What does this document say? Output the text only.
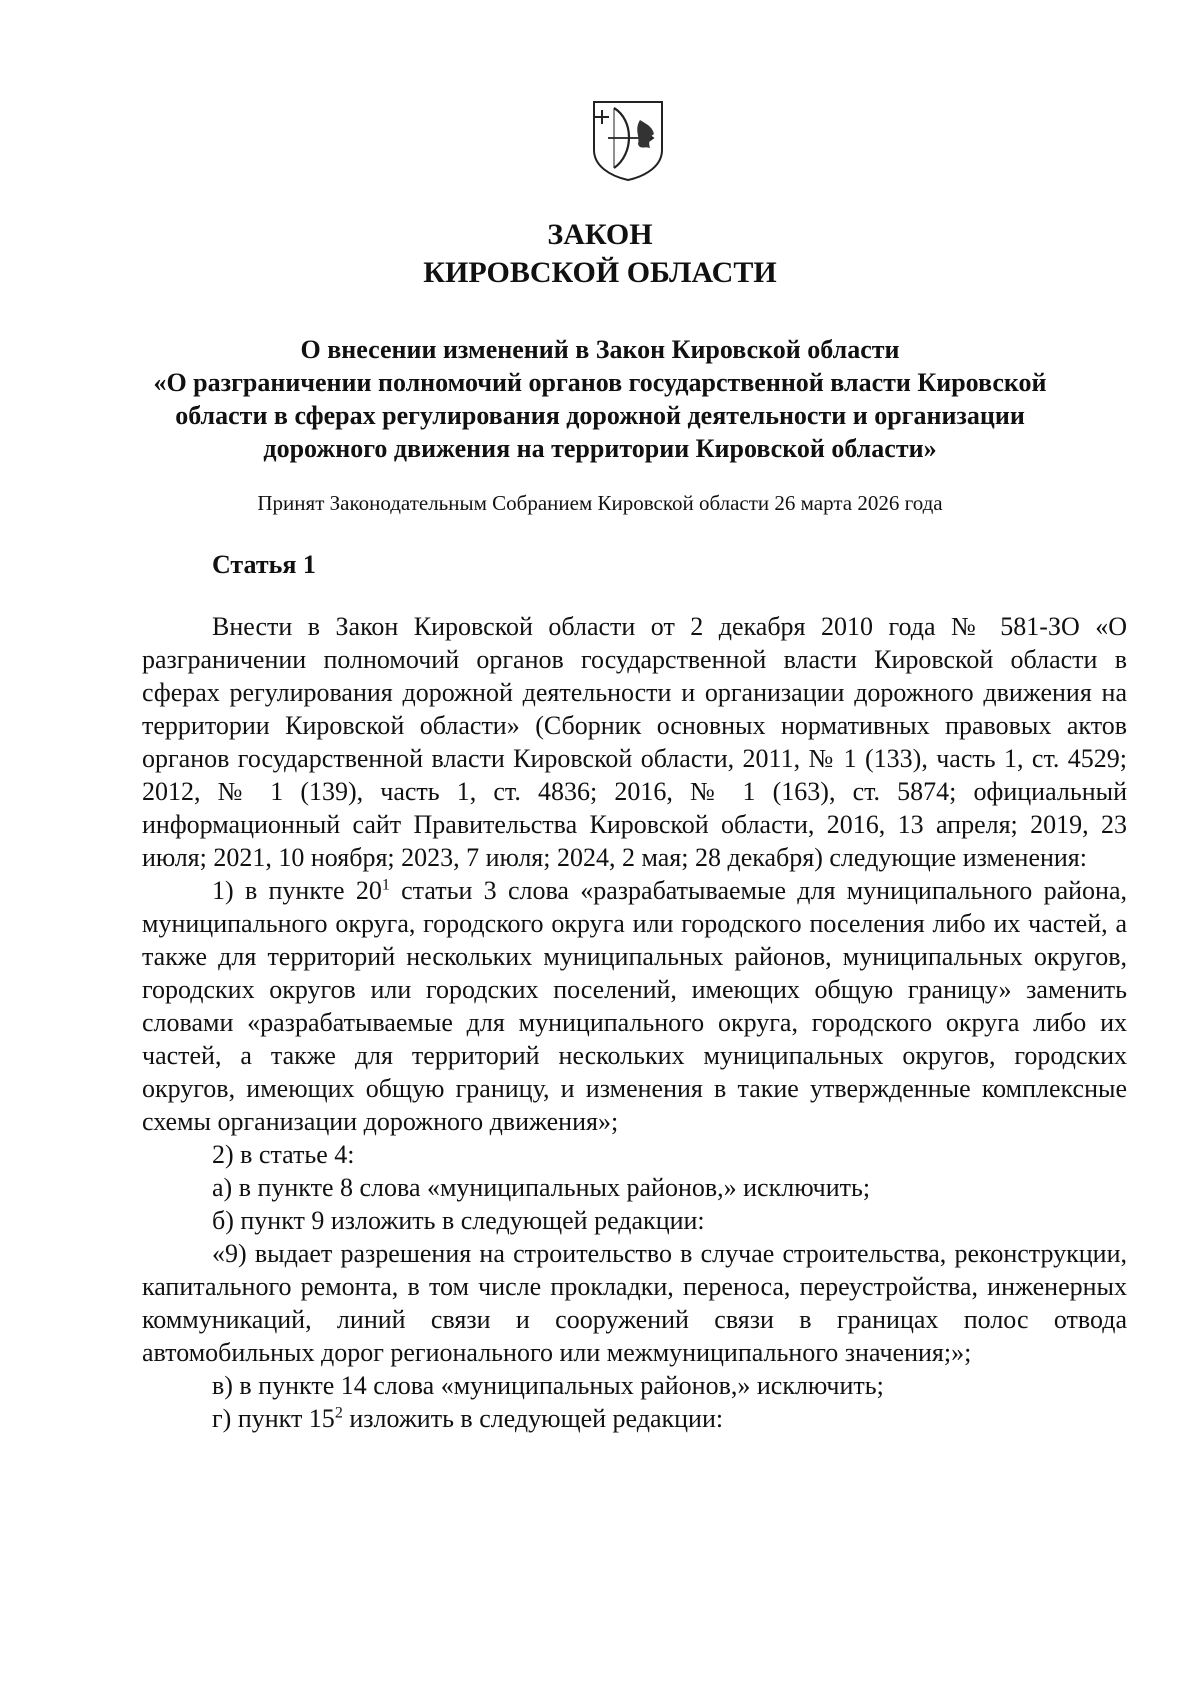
ЗАКОН
КИРОВСКОЙ ОБЛАСТИ
О внесении изменений в Закон Кировской области
«О разграничении полномочий органов государственной власти Кировской
области в сферах регулирования дорожной деятельности и организации
дорожного движения на территории Кировской области»
Принят Законодательным Собранием Кировской области 26 марта 2026 года
Статья 1

Внести в Закон Кировской области от 2 декабря 2010 года № 581-ЗО «О разграничении полномочий органов государственной власти Кировской области в сферах регулирования дорожной деятельности и организации дорожного движения на территории Кировской области» (Сборник основных нормативных правовых актов органов государственной власти Кировской области, 2011, № 1 (133), часть 1, ст. 4529; 2012, № 1 (139), часть 1, ст. 4836; 2016, № 1 (163), ст. 5874; официальный информационный сайт Правительства Кировской области, 2016, 13 апреля; 2019, 23 июля; 2021, 10 ноября; 2023, 7 июля; 2024, 2 мая; 28 декабря) следующие изменения:

1) в пункте $20^1$ статьи 3 слова «разрабатываемые для муниципального района, муниципального округа, городского округа или городского поселения либо их частей, а также для территорий нескольких муниципальных районов, муниципальных округов, городских округов или городских поселений, имеющих общую границу» заменить словами «разрабатываемые для муниципального округа, городского округа либо их частей, а также для территорий нескольких муниципальных округов, городских округов, имеющих общую границу, и изменения в такие утвержденные комплексные схемы организации дорожного движения»;

2) в статье 4:

а) в пункте 8 слова «муниципальных районов,» исключить;

б) пункт 9 изложить в следующей редакции:

«9) выдает разрешения на строительство в случае строительства, реконструкции, капитального ремонта, в том числе прокладки, переноса, переустройства, инженерных коммуникаций, линий связи и сооружений связи в границах полос отвода автомобильных дорог регионального или межмуниципального значения;»;

в) в пункте 14 слова «муниципальных районов,» исключить;

г) пункт $15^2$ изложить в следующей редакции:
